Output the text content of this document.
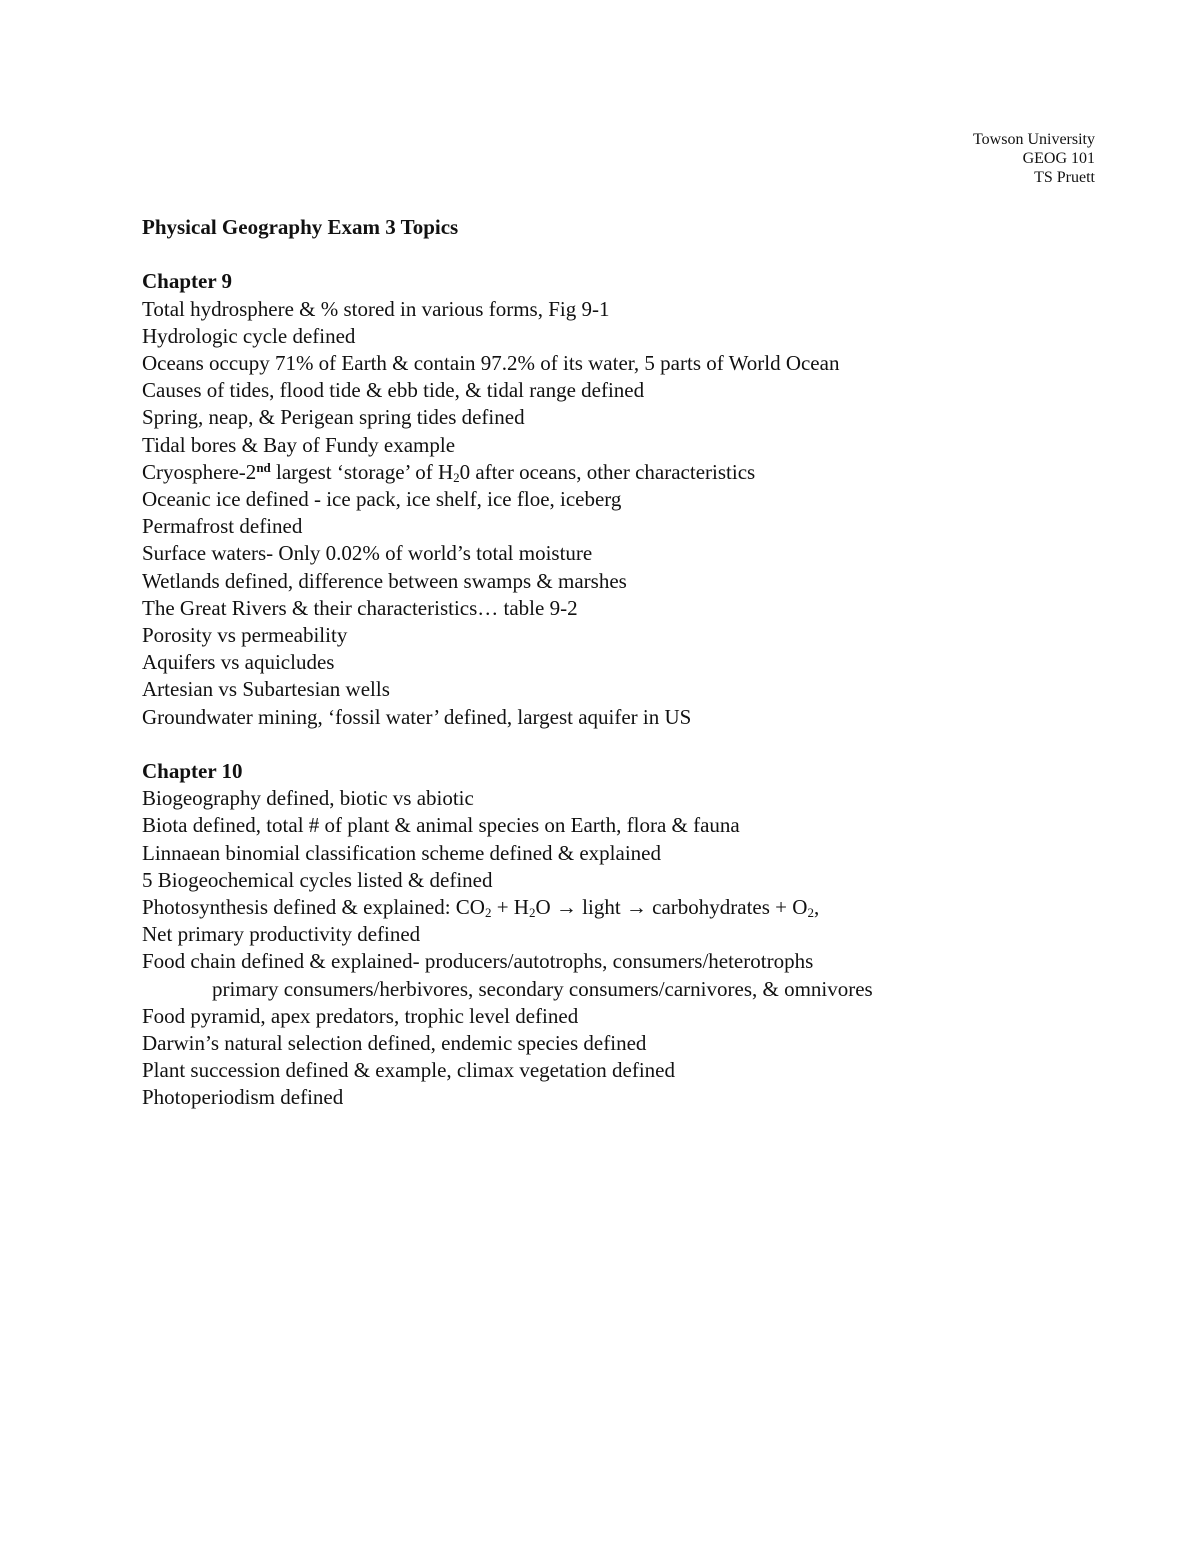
Towson University
GEOG 101
TS Pruett
Physical Geography Exam 3 Topics
Chapter 9
Total hydrosphere & % stored in various forms, Fig 9-1
Hydrologic cycle defined
Oceans occupy 71% of Earth & contain 97.2% of its water, 5 parts of World Ocean
Causes of tides, flood tide & ebb tide, & tidal range defined
Spring, neap, & Perigean spring tides defined
Tidal bores & Bay of Fundy example
Cryosphere-2nd largest ‘storage’ of $H_20$ after oceans, other characteristics
Oceanic ice defined - ice pack, ice shelf, ice floe, iceberg
Permafrost defined
Surface waters- Only 0.02% of world’s total moisture
Wetlands defined, difference between swamps & marshes
The Great Rivers & their characteristics… table 9-2
Porosity vs permeability
Aquifers vs aquicludes
Artesian vs Subartesian wells
Groundwater mining, ‘fossil water’ defined, largest aquifer in US
Chapter 10
Biogeography defined, biotic vs abiotic
Biota defined, total # of plant & animal species on Earth, flora & fauna
Linnaean binomial classification scheme defined & explained
5 Biogeochemical cycles listed & defined
Photosynthesis defined & explained: $CO_2 + H_2O$ → light → carbohydrates + $O_2$,
Net primary productivity defined
Food chain defined & explained- producers/autotrophs, consumers/heterotrophs
primary consumers/herbivores, secondary consumers/carnivores, & omnivores
Food pyramid, apex predators, trophic level defined
Darwin’s natural selection defined, endemic species defined
Plant succession defined & example, climax vegetation defined
Photoperiodism defined
